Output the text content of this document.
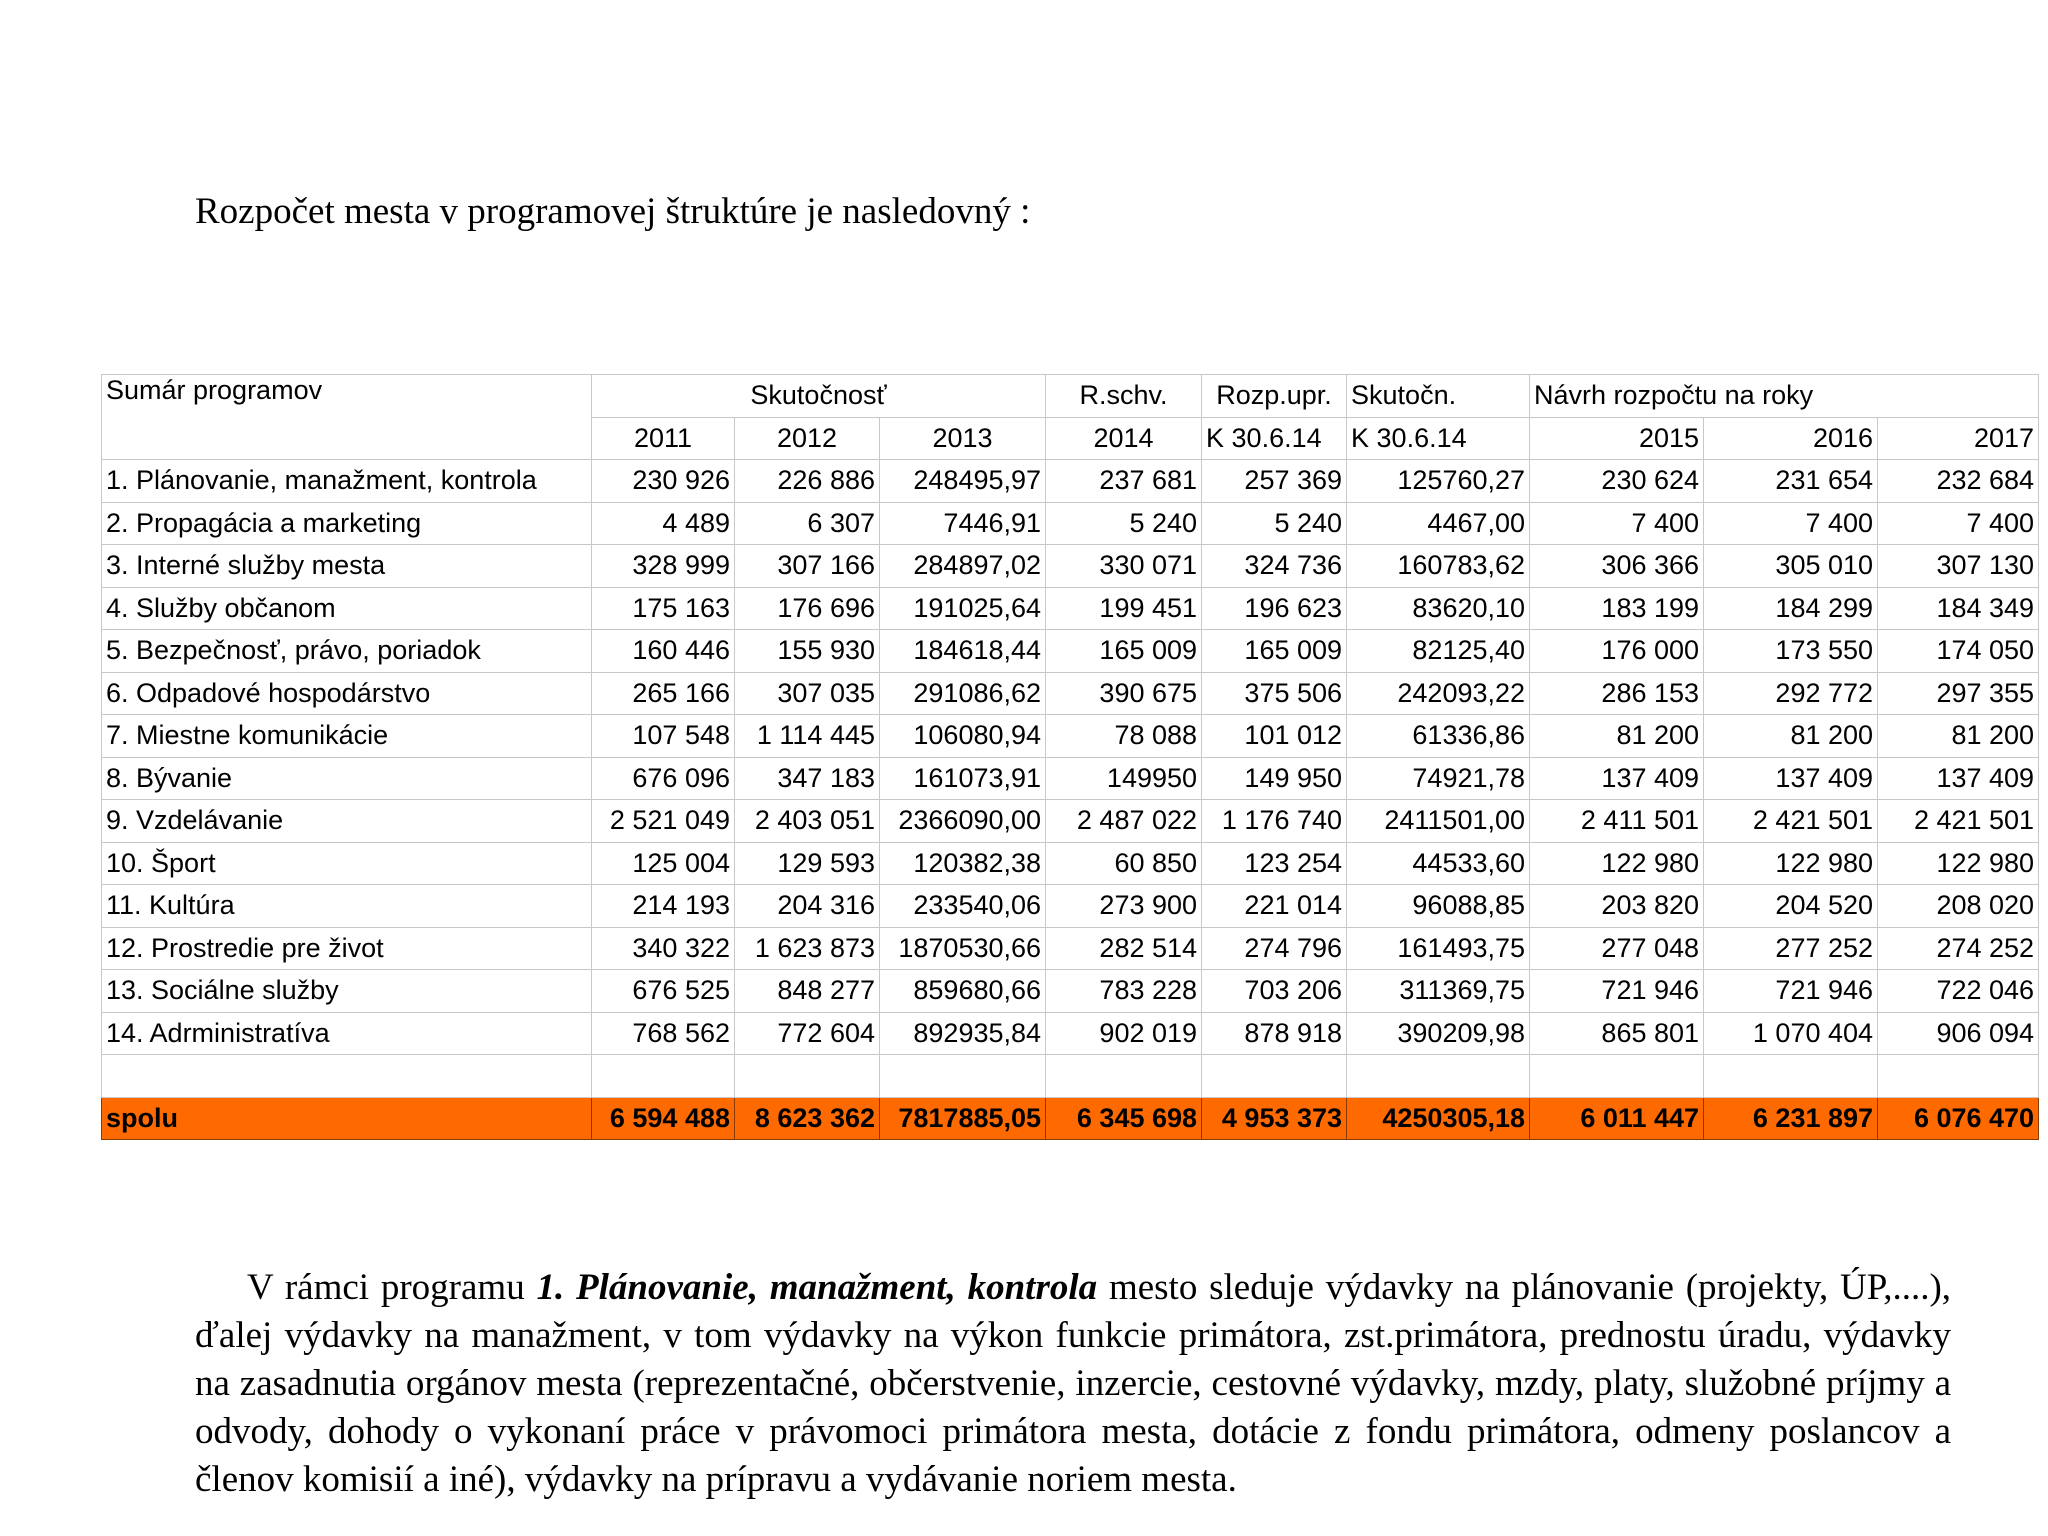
Rozpočet mesta v programovej štruktúre je nasledovný :
Sumár programov	Skutočnosť			R.schv.	Rozp.upr.	Skutočn.	Návrh rozpočtu na roky		
	2011	2012	2013	2014	K 30.6.14	K 30.6.14	2015	2016	2017
1. Plánovanie, manažment, kontrola	230 926	226 886	248495,97	237 681	257 369	125760,27	230 624	231 654	232 684
2. Propagácia a marketing	4 489	6 307	7446,91	5 240	5 240	4467,00	7 400	7 400	7 400
3. Interné služby mesta	328 999	307 166	284897,02	330 071	324 736	160783,62	306 366	305 010	307 130
4. Služby občanom	175 163	176 696	191025,64	199 451	196 623	83620,10	183 199	184 299	184 349
5. Bezpečnosť, právo, poriadok	160 446	155 930	184618,44	165 009	165 009	82125,40	176 000	173 550	174 050
6. Odpadové hospodárstvo	265 166	307 035	291086,62	390 675	375 506	242093,22	286 153	292 772	297 355
7. Miestne komunikácie	107 548	1 114 445	106080,94	78 088	101 012	61336,86	81 200	81 200	81 200
8. Bývanie	676 096	347 183	161073,91	149950	149 950	74921,78	137 409	137 409	137 409
9. Vzdelávanie	2 521 049	2 403 051	2366090,00	2 487 022	1 176 740	2411501,00	2 411 501	2 421 501	2 421 501
10. Šport	125 004	129 593	120382,38	60 850	123 254	44533,60	122 980	122 980	122 980
11. Kultúra	214 193	204 316	233540,06	273 900	221 014	96088,85	203 820	204 520	208 020
12. Prostredie pre život	340 322	1 623 873	1870530,66	282 514	274 796	161493,75	277 048	277 252	274 252
13. Sociálne služby	676 525	848 277	859680,66	783 228	703 206	311369,75	721 946	721 946	722 046
14. Adrministratíva	768 562	772 604	892935,84	902 019	878 918	390209,98	865 801	1 070 404	906 094

spolu	6 594 488	8 623 362	7817885,05	6 345 698	4 953 373	4250305,18	6 011 447	6 231 897	6 076 470
V rámci programu 1. Plánovanie, manažment, kontrola mesto sleduje výdavky na plánovanie (projekty, ÚP,....), ďalej výdavky na manažment, v tom výdavky na výkon funkcie primátora, zst.primátora, prednostu úradu, výdavky na zasadnutia orgánov mesta (reprezentačné, občerstvenie, inzercie, cestovné výdavky, mzdy, platy, služobné príjmy a odvody, dohody o vykonaní práce v právomoci primátora mesta, dotácie z fondu primátora, odmeny poslancov a členov komisií a iné), výdavky na prípravu a vydávanie noriem mesta.
